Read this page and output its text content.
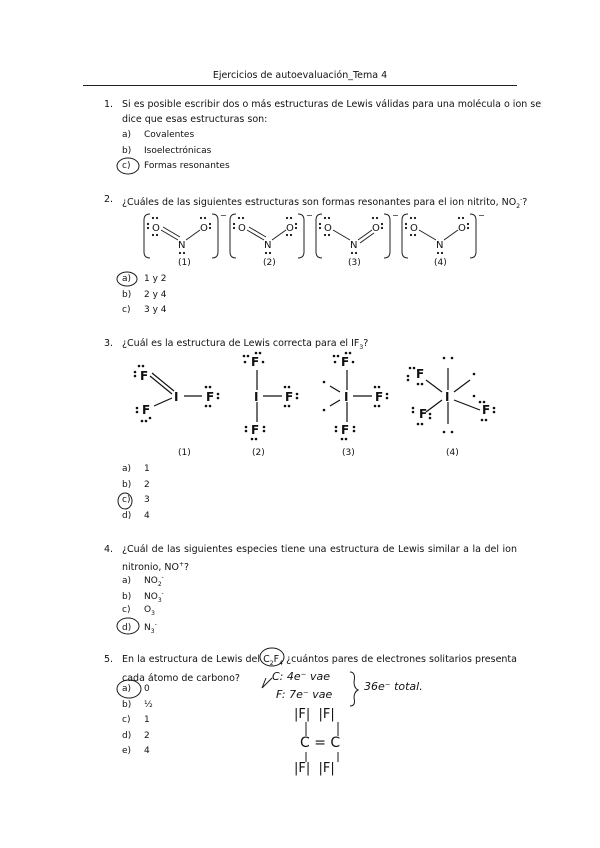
Ejercicios de autoevaluación_Tema 4
1. Si es posible escribir dos o más estructuras de Lewis válidas para una molécula o ion se
dice que esas estructuras son:
a) Covalentes
b) Isoelectrónicas
c) Formas resonantes
2. ¿Cuáles de las siguientes estructuras son formas resonantes para el ion nitrito, $NO_2^-$?
O
N
O	O
N
O	O
N
O	O
N
O
−	−	−	−
(1)	(2)	(3)	(4)
a) 1 y 2
b) 2 y 4
c) 3 y 4
3. ¿Cuál es la estructura de Lewis correcta para el $IF_3$?
F
I F
F
F
I F
F
F
I F
F
F
I
F
F
(1)	(2)	(3)	(4)
a) 1
b) 2
c) 3
d) 4
4. ¿Cuál de las siguientes especies tiene una estructura de Lewis similar a la del ion
nitronio, NO+?
a) $NO_2^-$
b) $NO_3^-$
c) $O_3$
d) $N_3^-$
5. En la estructura de Lewis del $C_2F_4$ ¿cuántos pares de electrones solitarios presenta
cada átomo de carbono?
a) 0
b) ½
c) 1
d) 2
e) 4
C: 4e⁻ vae
F: 7e⁻ vae
36e⁻ total.
|F|  |F|
C = C
|F|  |F|
